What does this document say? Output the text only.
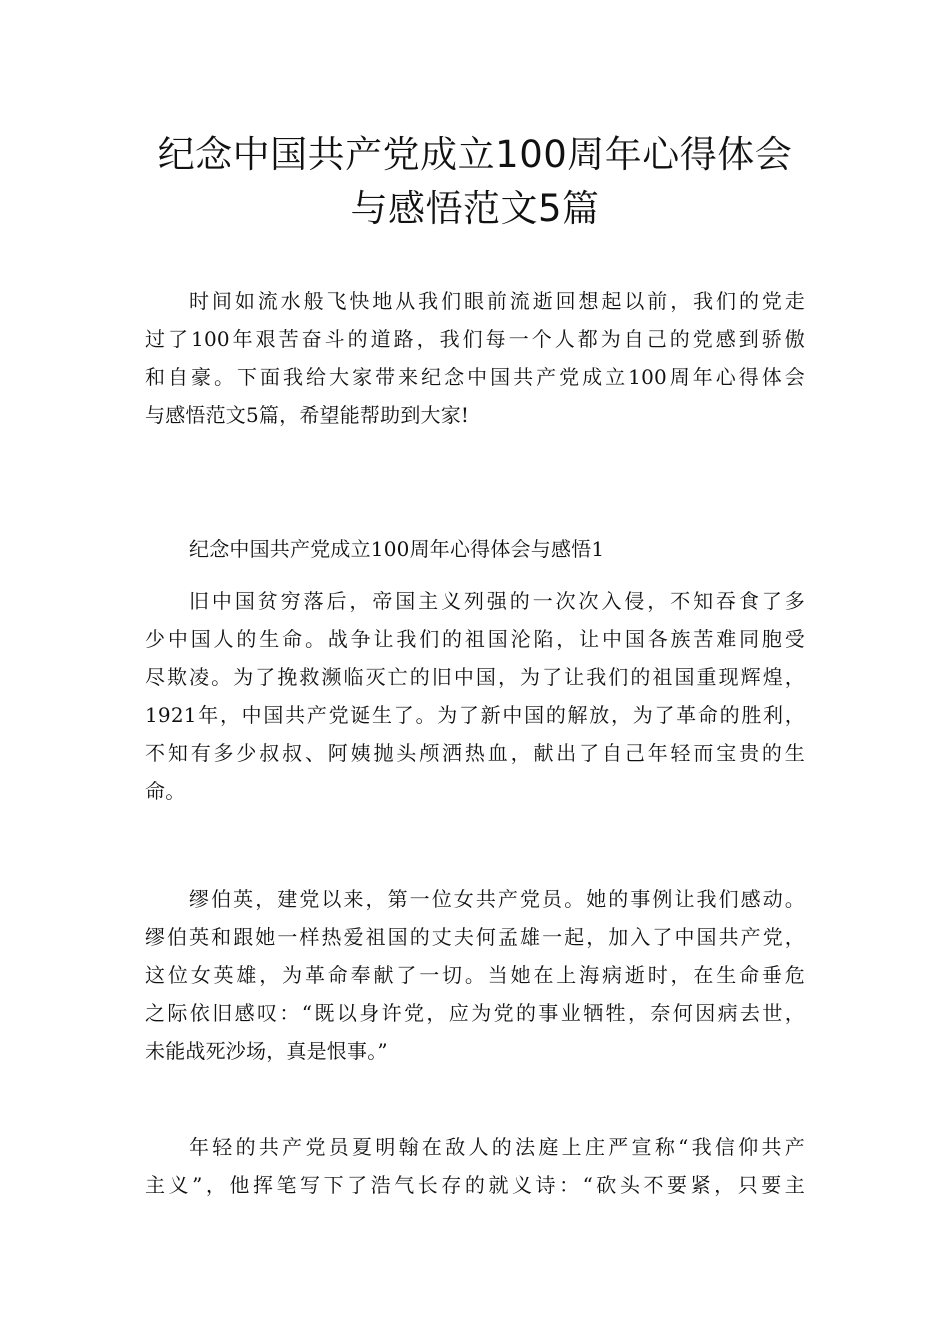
纪念中国共产党成立100周年心得体会
与感悟范文5篇
时间如流水般飞快地从我们眼前流逝回想起以前，我们的党走
过了100年艰苦奋斗的道路，我们每一个人都为自己的党感到骄傲
和自豪。下面我给大家带来纪念中国共产党成立100周年心得体会
与感悟范文5篇，希望能帮助到大家!
纪念中国共产党成立100周年心得体会与感悟1
旧中国贫穷落后，帝国主义列强的一次次入侵，不知吞食了多
少中国人的生命。战争让我们的祖国沦陷，让中国各族苦难同胞受
尽欺凌。为了挽救濒临灭亡的旧中国，为了让我们的祖国重现辉煌，
1921年，中国共产党诞生了。为了新中国的解放，为了革命的胜利，
不知有多少叔叔、阿姨抛头颅洒热血，献出了自己年轻而宝贵的生
命。
缪伯英，建党以来，第一位女共产党员。她的事例让我们感动。
缪伯英和跟她一样热爱祖国的丈夫何孟雄一起，加入了中国共产党，
这位女英雄，为革命奉献了一切。当她在上海病逝时，在生命垂危
之际依旧感叹：“既以身许党，应为党的事业牺牲，奈何因病去世，
未能战死沙场，真是恨事。”
年轻的共产党员夏明翰在敌人的法庭上庄严宣称“我信仰共产
主义”，他挥笔写下了浩气长存的就义诗：“砍头不要紧，只要主
